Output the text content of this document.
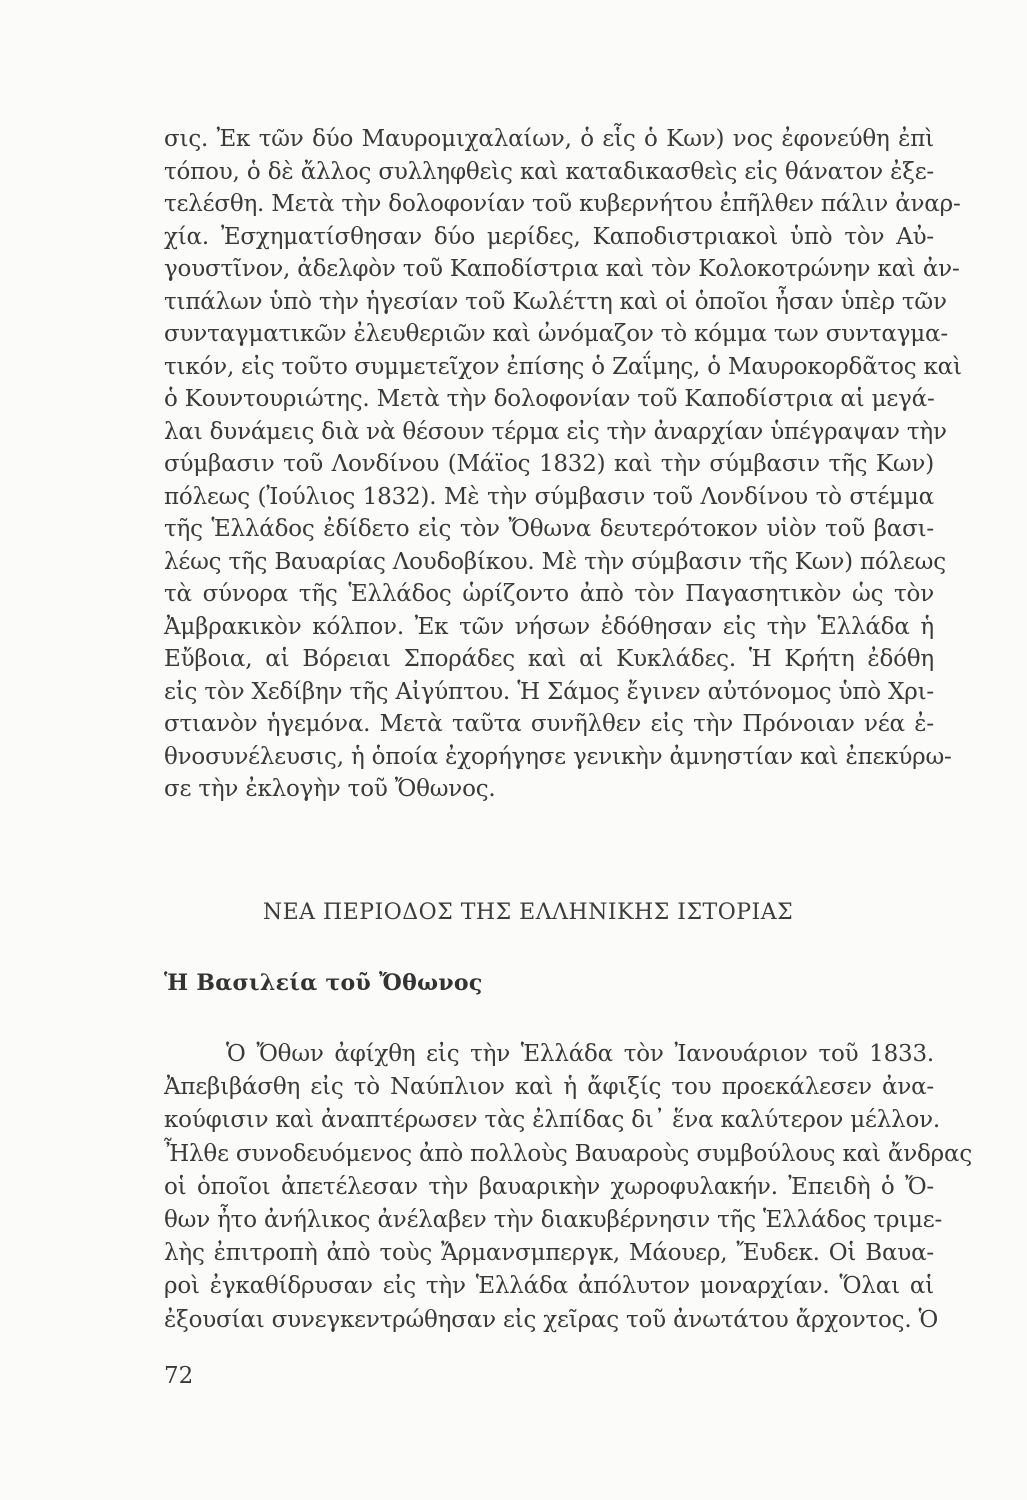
σις. Ἐκ τῶν δύο Μαυρομιχαλαίων, ὁ εἷς ὁ Κων) νος ἐφονεύθη ἐπὶ
τόπου, ὁ δὲ ἄλλος συλληφθεὶς καὶ καταδικασθεὶς εἰς θάνατον ἐξε-
τελέσθη. Μετὰ τὴν δολοφονίαν τοῦ κυβερνήτου ἐπῆλθεν πάλιν ἀναρ-
χία. Ἐσχηματίσθησαν δύο μερίδες, Καποδιστριακοὶ ὑπὸ τὸν Αὐ-
γουστῖνον, ἀδελφὸν τοῦ Καποδίστρια καὶ τὸν Κολοκοτρώνην καὶ ἀν-
τιπάλων ὑπὸ τὴν ἡγεσίαν τοῦ Κωλέττη καὶ οἱ ὁποῖοι ἦσαν ὑπὲρ τῶν
συνταγματικῶν ἐλευθεριῶν καὶ ὠνόμαζον τὸ κόμμα των συνταγμα-
τικόν, εἰς τοῦτο συμμετεῖχον ἐπίσης ὁ Ζαΐμης, ὁ Μαυροκορδᾶτος καὶ
ὁ Κουντουριώτης. Μετὰ τὴν δολοφονίαν τοῦ Καποδίστρια αἱ μεγά-
λαι δυνάμεις διὰ νὰ θέσουν τέρμα εἰς τὴν ἀναρχίαν ὑπέγραψαν τὴν
σύμβασιν τοῦ Λονδίνου (Μάϊος 1832) καὶ τὴν σύμβασιν τῆς Κων)
πόλεως (Ἰούλιος 1832). Μὲ τὴν σύμβασιν τοῦ Λονδίνου τὸ στέμμα
τῆς Ἑλλάδος ἐδίδετο εἰς τὸν Ὄθωνα δευτερότοκον υἱὸν τοῦ βασι-
λέως τῆς Βαυαρίας Λουδοβίκου. Μὲ τὴν σύμβασιν τῆς Κων) πόλεως
τὰ σύνορα τῆς Ἑλλάδος ὡρίζοντο ἀπὸ τὸν Παγασητικὸν ὡς τὸν
Ἀμβρακικὸν κόλπον. Ἐκ τῶν νήσων ἐδόθησαν εἰς τὴν Ἑλλάδα ἡ
Εὔβοια, αἱ Βόρειαι Σποράδες καὶ αἱ Κυκλάδες. Ἡ Κρήτη ἐδόθη
εἰς τὸν Χεδίβην τῆς Αἰγύπτου. Ἡ Σάμος ἔγινεν αὐτόνομος ὑπὸ Χρι-
στιανὸν ἡγεμόνα. Μετὰ ταῦτα συνῆλθεν εἰς τὴν Πρόνοιαν νέα ἐ-
θνοσυνέλευσις, ἡ ὁποία ἐχορήγησε γενικὴν ἀμνηστίαν καὶ ἐπεκύρω-
σε τὴν ἐκλογὴν τοῦ Ὄθωνος.
ΝΕΑ ΠΕΡΙΟΔΟΣ ΤΗΣ ΕΛΛΗΝΙΚΗΣ ΙΣΤΟΡΙΑΣ
Ἡ Βασιλεία τοῦ Ὄθωνος
Ὁ Ὄθων ἀφίχθη εἰς τὴν Ἑλλάδα τὸν Ἰανουάριον τοῦ 1833.
Ἀπεβιβάσθη εἰς τὸ Ναύπλιον καὶ ἡ ἄφιξίς του προεκάλεσεν ἀνα-
κούφισιν καὶ ἀναπτέρωσεν τὰς ἐλπίδας δι᾽ ἕνα καλύτερον μέλλον.
Ἦλθε συνοδευόμενος ἀπὸ πολλοὺς Βαυαροὺς συμβούλους καὶ ἄνδρας
οἱ ὁποῖοι ἀπετέλεσαν τὴν βαυαρικὴν χωροφυλακήν. Ἐπειδὴ ὁ Ὄ-
θων ἦτο ἀνήλικος ἀνέλαβεν τὴν διακυβέρνησιν τῆς Ἑλλάδος τριμε-
λὴς ἐπιτροπὴ ἀπὸ τοὺς Ἄρμανσμπεργκ, Μάουερ, Ἔυδεκ. Οἱ Βαυα-
ροὶ ἐγκαθίδρυσαν εἰς τὴν Ἑλλάδα ἀπόλυτον μοναρχίαν. Ὅλαι αἱ
ἐξουσίαι συνεγκεντρώθησαν εἰς χεῖρας τοῦ ἀνωτάτου ἄρχοντος. Ὁ
72
